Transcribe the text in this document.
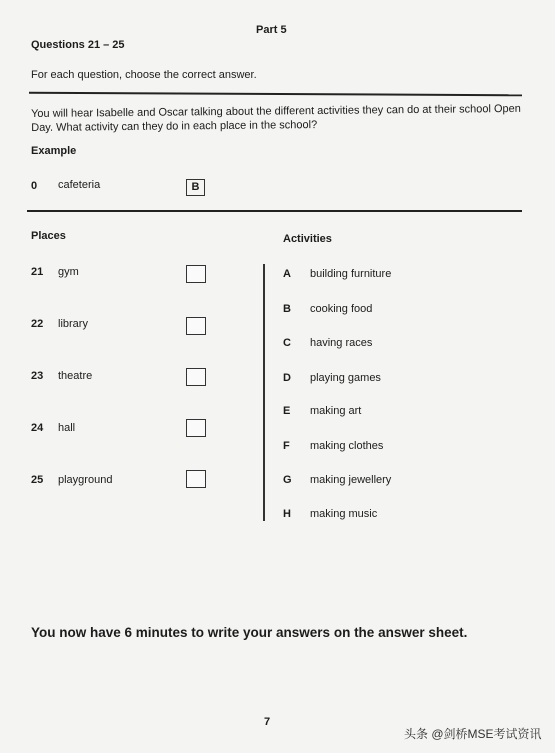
Part 5
Questions 21 – 25
For each question, choose the correct answer.
You will hear Isabelle and Oscar talking about the different activities they can do at their school Open Day. What activity can they do in each place in the school?
Example
0 cafeteria	B
Places	Activities
21 gym
22 library
23 theatre
24 hall
25 playground
A building furniture
B cooking food
C having races
D playing games
E making art
F making clothes
G making jewellery
H making music
You now have 6 minutes to write your answers on the answer sheet.
7
头条 @剑桥MSE考试资讯
